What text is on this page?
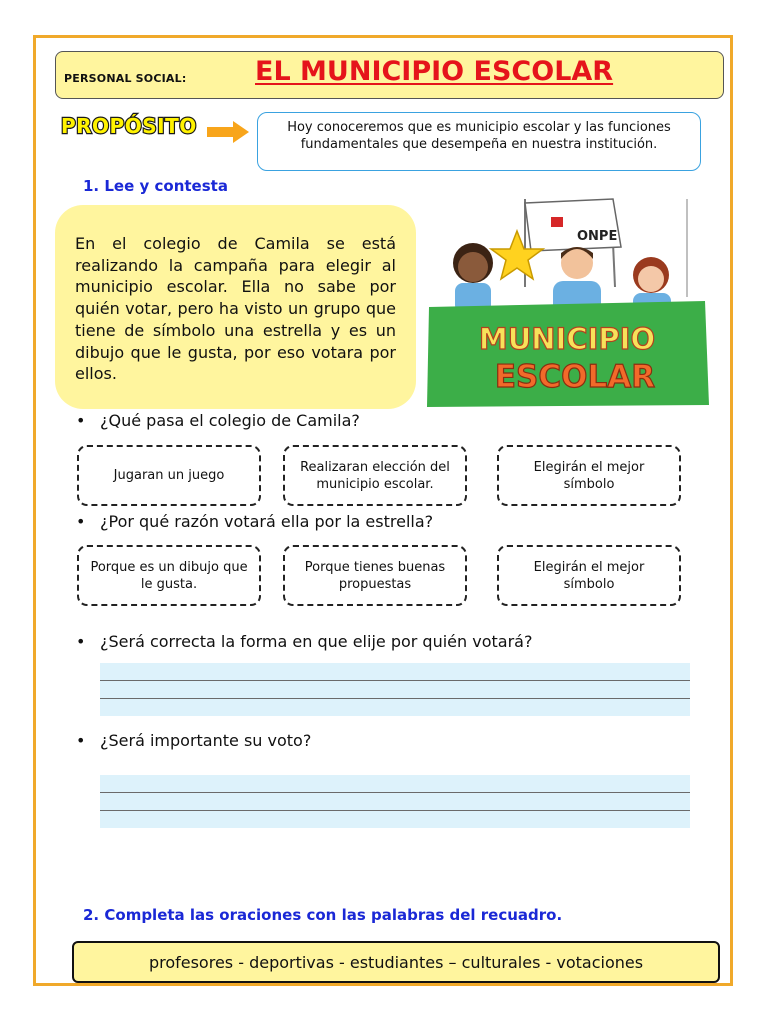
PERSONAL SOCIAL:	EL MUNICIPIO ESCOLAR
PROPÓSITO	Hoy conoceremos que es municipio escolar y las funciones fundamentales que desempeña en nuestra institución.
1. Lee y contesta
En el colegio de Camila se está realizando la campaña para elegir al municipio escolar. Ella no sabe por quién votar, pero ha visto un grupo que tiene de símbolo una estrella y es un dibujo que le gusta, por eso votara por ellos.
ONPE
MUNICIPIO
ESCOLAR
• ¿Qué pasa el colegio de Camila?
Jugaran un juego
Realizaran elección del municipio escolar.
Elegirán el mejor símbolo
• ¿Por qué razón votará ella por la estrella?
Porque es un dibujo que le gusta.
Porque tienes buenas propuestas
Elegirán el mejor símbolo
• ¿Será correcta la forma en que elije por quién votará?
• ¿Será importante su voto?
2. Completa las oraciones con las palabras del recuadro.
profesores - deportivas - estudiantes – culturales - votaciones
